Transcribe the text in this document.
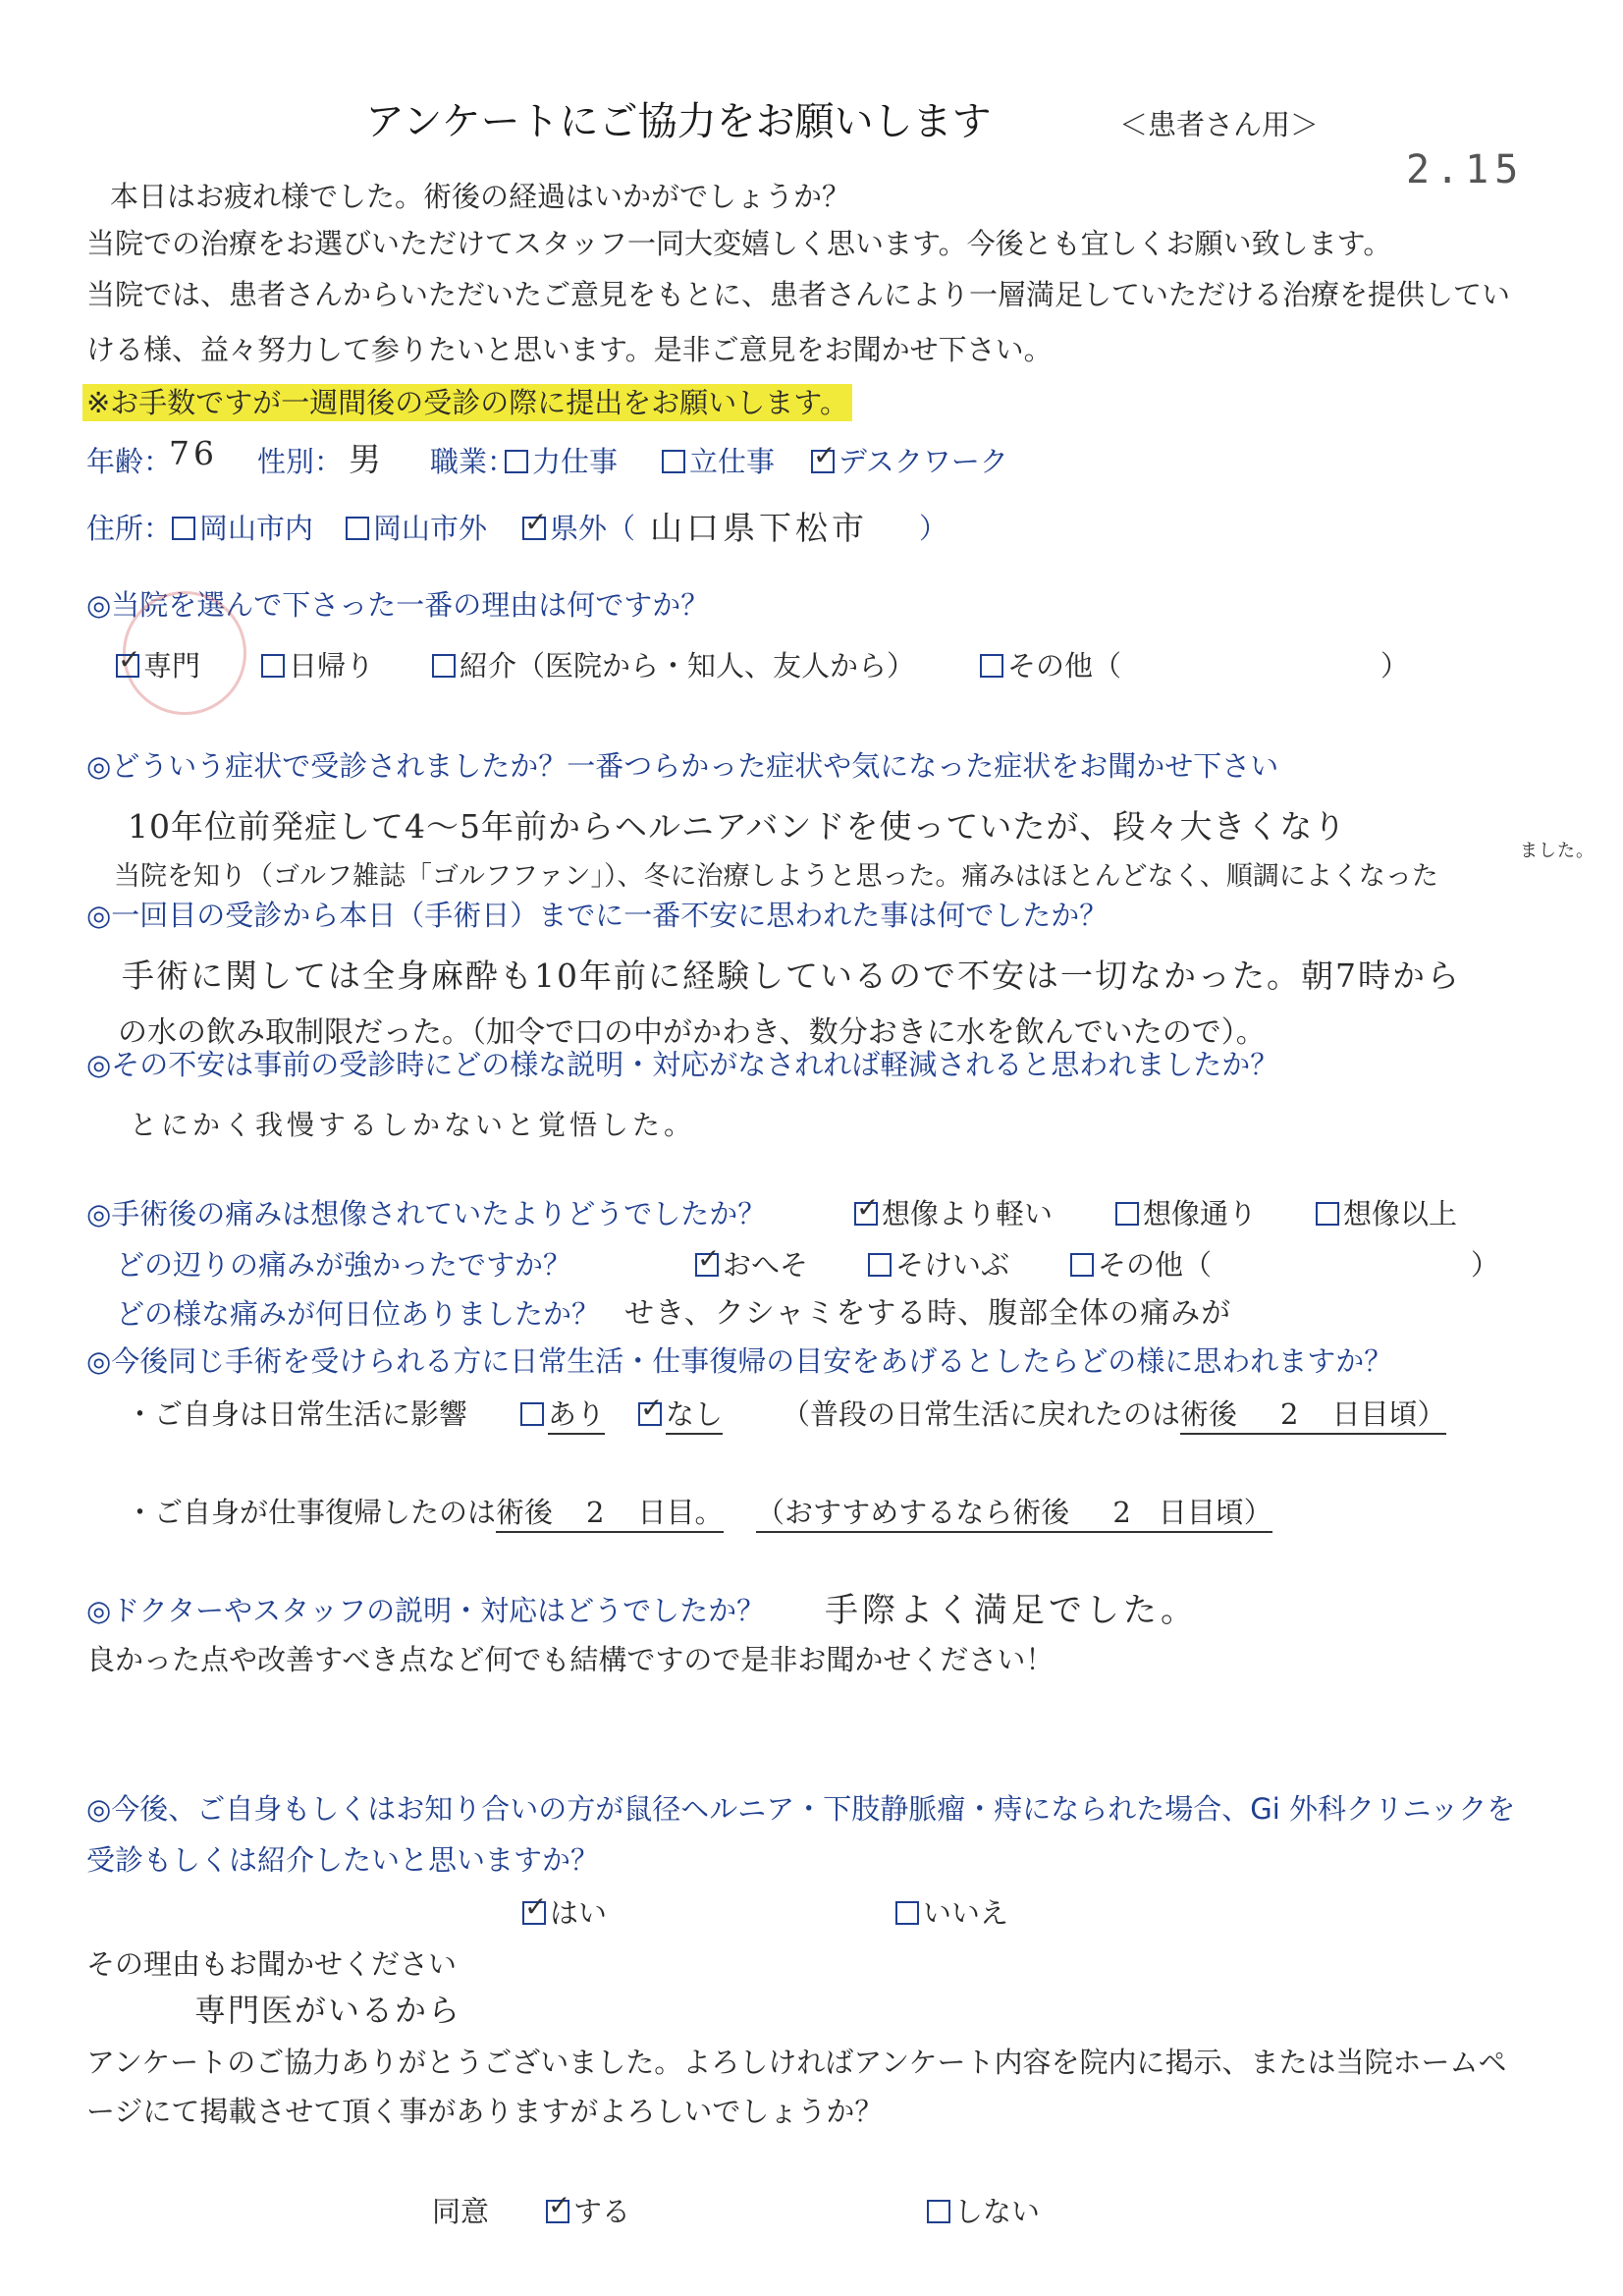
アンケートにご協力をお願いします	＜患者さん用＞
2.15
本日はお疲れ様でした。術後の経過はいかがでしょうか？
当院での治療をお選びいただけてスタッフ一同大変嬉しく思います。今後とも宜しくお願い致します。
当院では、患者さんからいただいたご意見をもとに、患者さんにより一層満足していただける治療を提供してい
ける様、益々努力して参りたいと思います。是非ご意見をお聞かせ下さい。
※お手数ですが一週間後の受診の際に提出をお願いします。
年齢：
76 性別： 男 職業： 力仕事	立仕事 ✓	デスクワーク
住所： 岡山市内	岡山市外 ✓	県外（ 山口県下松市 ）
◎当院を選んで下さった一番の理由は何ですか？
✓専門	日帰り	紹介（医院から・知人、友人から）	その他（	）
◎どういう症状で受診されましたか？一番つらかった症状や気になった症状をお聞かせ下さい
10年位前発症して4〜5年前からヘルニアバンドを使っていたが、段々大きくなり
ました。
当院を知り（ゴルフ雑誌「ゴルフファン」）、冬に治療しようと思った。痛みはほとんどなく、順調によくなった
◎一回目の受診から本日（手術日）までに一番不安に思われた事は何でしたか？
手術に関しては全身麻酔も10年前に経験しているので不安は一切なかった。朝7時から
の水の飲み取制限だった。（加令で口の中がかわき、数分おきに水を飲んでいたので）。
◎その不安は事前の受診時にどの様な説明・対応がなされれば軽減されると思われましたか？
とにかく我慢するしかないと覚悟した。
◎手術後の痛みは想像されていたよりどうでしたか？ ✓	想像より軽い	想像通り	想像以上
どの辺りの痛みが強かったですか？ ✓	おへそ	そけいぶ	その他（	）
どの様な痛みが何日位ありましたか？ せき、クシャミをする時、腹部全体の痛みが
◎今後同じ手術を受けられる方に日常生活・仕事復帰の目安をあげるとしたらどの様に思われますか？
・ご自身は日常生活に影響	あり ✓	なし （普段の日常生活に戻れたのは術後 2 日目頃）
・ご自身が仕事復帰したのは術後 2 日目。 （おすすめするなら術後 2 日目頃）
◎ドクターやスタッフの説明・対応はどうでしたか？ 手際よく満足でした。
良かった点や改善すべき点など何でも結構ですので是非お聞かせください！
◎今後、ご自身もしくはお知り合いの方が鼠径ヘルニア・下肢静脈瘤・痔になられた場合、Gi 外科クリニックを
受診もしくは紹介したいと思いますか？
✓はい	いいえ
その理由もお聞かせください
専門医がいるから
アンケートのご協力ありがとうございました。よろしければアンケート内容を院内に掲示、または当院ホームペ
ージにて掲載させて頂く事がありますがよろしいでしょうか？
同意 ✓	する	しない
